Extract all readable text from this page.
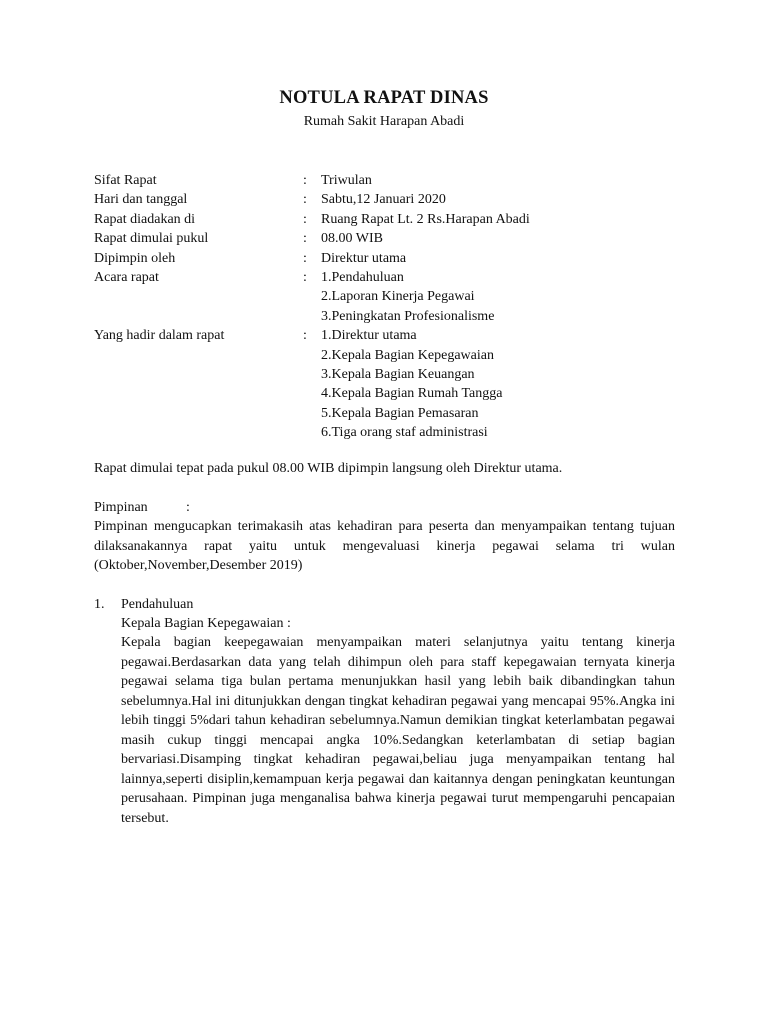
NOTULA RAPAT DINAS
Rumah Sakit Harapan Abadi
Sifat Rapat	: Triwulan
Hari dan tanggal	: Sabtu,12 Januari 2020
Rapat diadakan di	: Ruang Rapat Lt. 2 Rs.Harapan Abadi
Rapat dimulai pukul	: 08.00 WIB
Dipimpin oleh	: Direktur utama
Acara rapat	: 1.Pendahuluan
2.Laporan Kinerja Pegawai
3.Peningkatan Profesionalisme
Yang hadir dalam rapat	: 1.Direktur utama
2.Kepala Bagian Kepegawaian
3.Kepala Bagian Keuangan
4.Kepala Bagian Rumah Tangga
5.Kepala Bagian Pemasaran
6.Tiga orang staf administrasi
Rapat dimulai tepat pada pukul 08.00 WIB dipimpin langsung oleh Direktur utama.
Pimpinan	:
Pimpinan mengucapkan terimakasih atas kehadiran para peserta dan menyampaikan tentang tujuan dilaksanakannya rapat yaitu untuk mengevaluasi kinerja pegawai selama tri wulan (Oktober,November,Desember 2019)
1. Pendahuluan
Kepala Bagian Kepegawaian :
Kepala bagian keepegawaian menyampaikan materi selanjutnya yaitu tentang kinerja pegawai.Berdasarkan data yang telah dihimpun oleh para staff kepegawaian ternyata kinerja pegawai selama tiga bulan pertama menunjukkan hasil yang lebih baik dibandingkan tahun sebelumnya.Hal ini ditunjukkan dengan tingkat kehadiran pegawai yang mencapai 95%.Angka ini lebih tinggi 5%dari tahun kehadiran sebelumnya.Namun demikian tingkat keterlambatan pegawai masih cukup tinggi mencapai angka 10%.Sedangkan keterlambatan di setiap bagian bervariasi.Disamping tingkat kehadiran pegawai,beliau juga menyampaikan tentang hal lainnya,seperti disiplin,kemampuan kerja pegawai dan kaitannya dengan peningkatan keuntungan perusahaan. Pimpinan juga menganalisa bahwa kinerja pegawai turut mempengaruhi pencapaian tersebut.
